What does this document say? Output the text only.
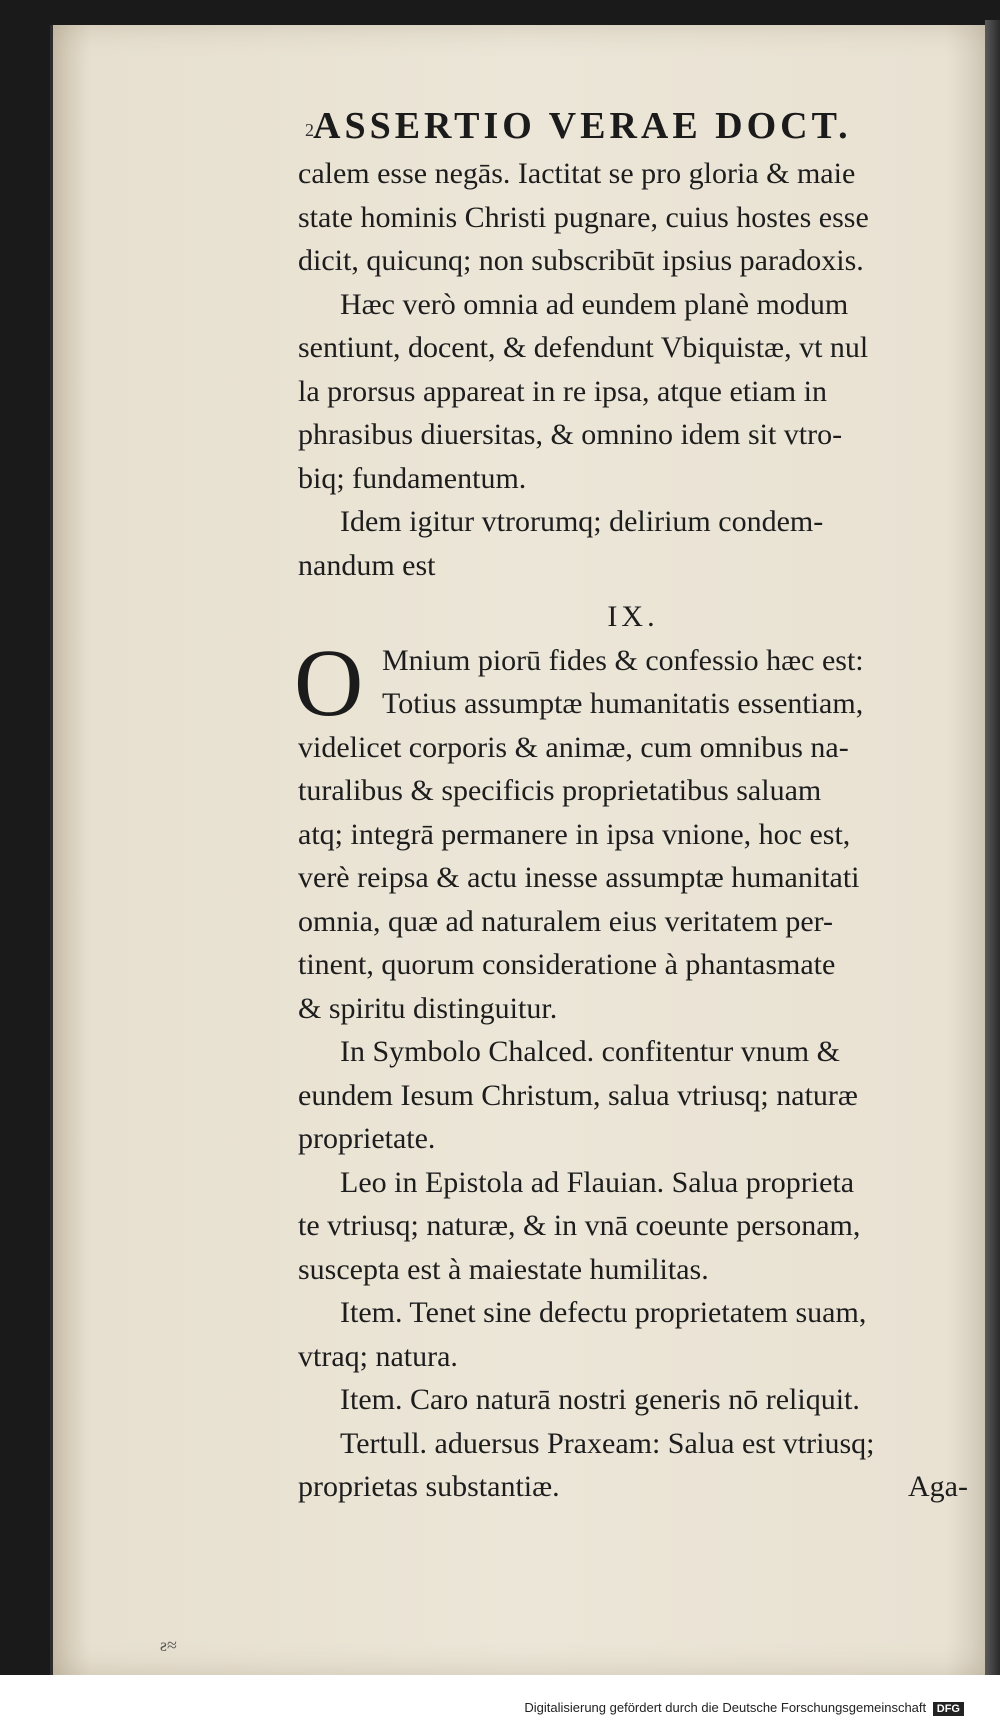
2 ASSERTIO VERAE DOCT.
calem esse negās. Iactitat se pro gloria & maie
state hominis Christi pugnare, cuius hostes esse
dicit, quicunq; non subscribūt ipsius paradoxis.
Hæc verò omnia ad eundem planè modum
sentiunt, docent, & defendunt Vbiquistæ, vt nul
la prorsus appareat in re ipsa, atque etiam in
phrasibus diuersitas, & omnino idem sit vtro-
biq; fundamentum.
Idem igitur vtrorumq; delirium condem-
nandum est
IX.
O Mnium piorū fides & confessio hæc est:
Totius assumptæ humanitatis essentiam,
videlicet corporis & animæ, cum omnibus na-
turalibus & specificis proprietatibus saluam
atq; integrā permanere in ipsa vnione, hoc est,
verè reipsa & actu inesse assumptæ humanitati
omnia, quæ ad naturalem eius veritatem per-
tinent, quorum consideratione à phantasmate
& spiritu distinguitur.
In Symbolo Chalced. confitentur vnum &
eundem Iesum Christum, salua vtriusq; naturæ
proprietate.
Leo in Epistola ad Flauian. Salua proprieta
te vtriusq; naturæ, & in vnā coeunte personam,
suscepta est à maiestate humilitas.
Item. Tenet sine defectu proprietatem suam,
vtraq; natura.
Item. Caro naturā nostri generis nō reliquit.
Tertull. aduersus Praxeam: Salua est vtriusq;
proprietas substantiæ.	Aga-
ƨ≈
Digitalisierung gefördert durch die Deutsche Forschungsgemeinschaft DFG
